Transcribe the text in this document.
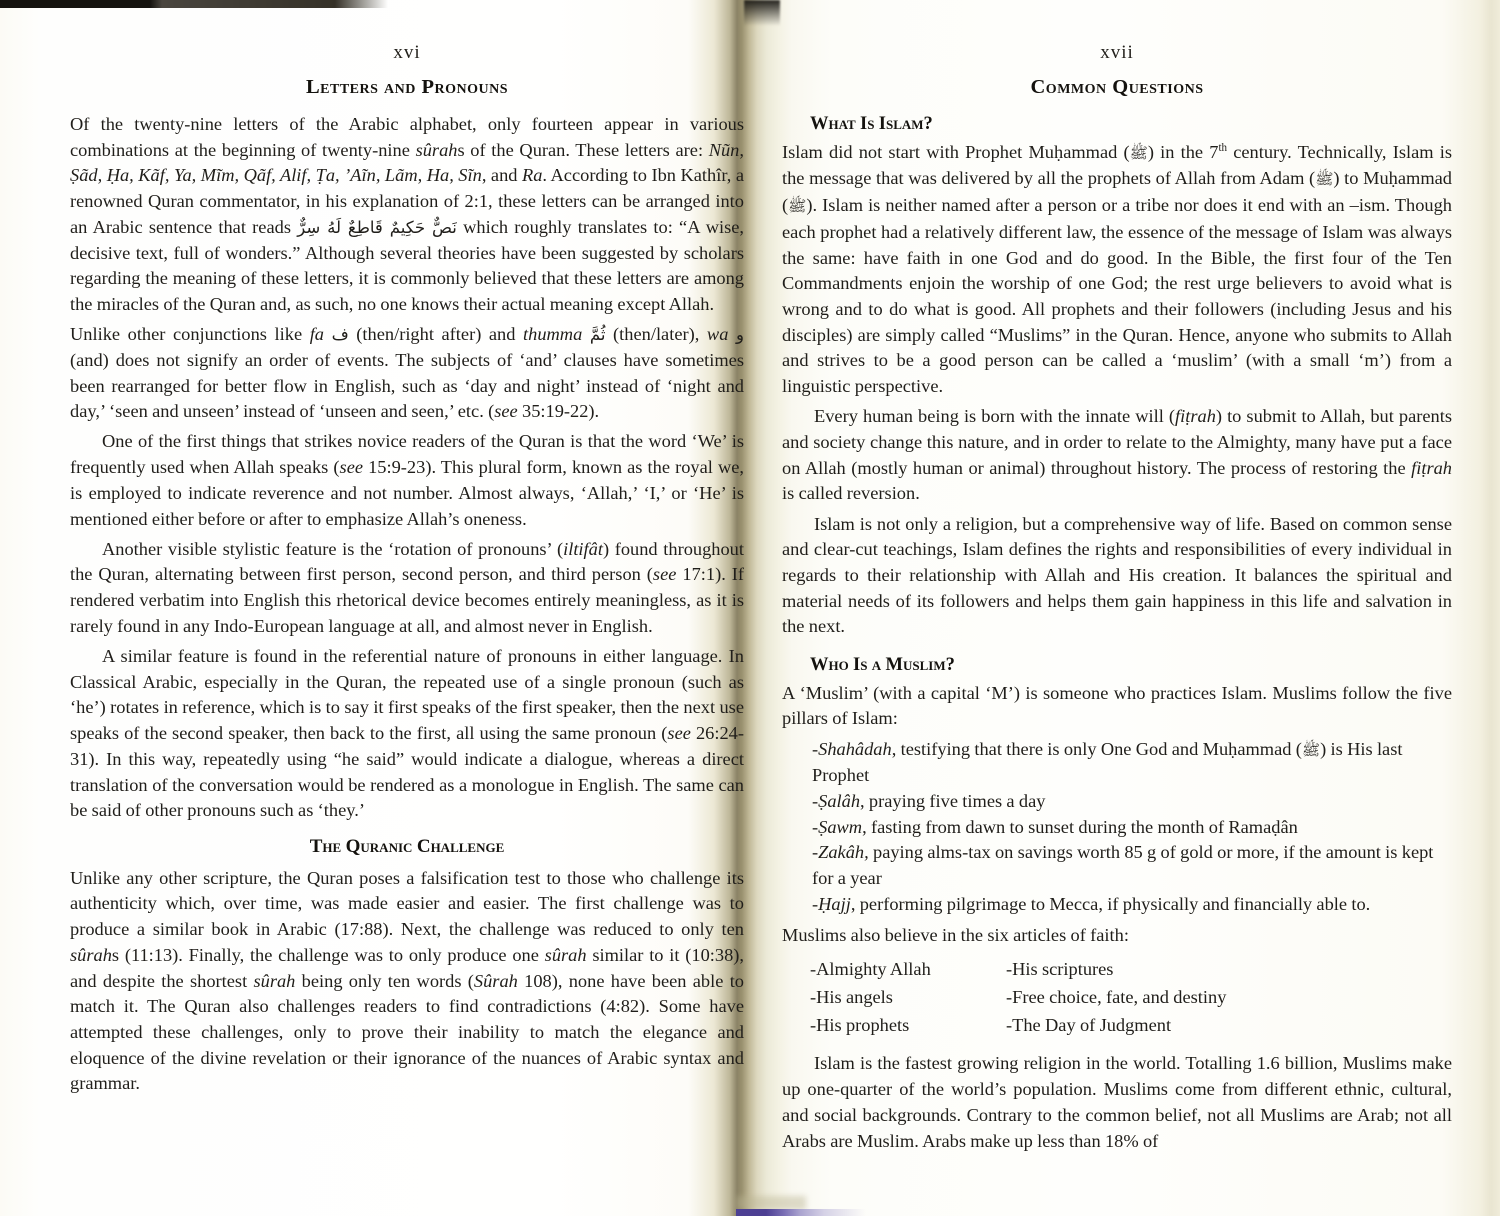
xvi
Letters and Pronouns

Of the twenty-nine letters of the Arabic alphabet, only fourteen appear in various combinations at the beginning of twenty-nine sûrahs of the Quran. These letters are: Nũn, Ṣãd, Ḥa, Kãf, Ya, Mĩm, Qãf, Alif, Ṭa, ’Aĩn, Lãm, Ha, Sĩn, and Ra. According to Ibn Kathîr, a renowned Quran commentator, in his explanation of 2:1, these letters can be arranged into an Arabic sentence that reads نَصٌّ حَكِيمٌ قَاطِعٌ لَهُ سِرٌّ which roughly translates to: “A wise, decisive text, full of wonders.” Although several theories have been suggested by scholars regarding the meaning of these letters, it is commonly believed that these letters are among the miracles of the Quran and, as such, no one knows their actual meaning except Allah.

Unlike other conjunctions like fa ف (then/right after) and thumma ثُمَّ (then/later), wa و (and) does not signify an order of events. The subjects of ‘and’ clauses have sometimes been rearranged for better flow in English, such as ‘day and night’ instead of ‘night and day,’ ‘seen and unseen’ instead of ‘unseen and seen,’ etc. (see 35:19-22).

One of the first things that strikes novice readers of the Quran is that the word ‘We’ is frequently used when Allah speaks (see 15:9-23). This plural form, known as the royal we, is employed to indicate reverence and not number. Almost always, ‘Allah,’ ‘I,’ or ‘He’ is mentioned either before or after to emphasize Allah’s oneness.

Another visible stylistic feature is the ‘rotation of pronouns’ (iltifât) found throughout the Quran, alternating between first person, second person, and third person (see 17:1). If rendered verbatim into English this rhetorical device becomes entirely meaningless, as it is rarely found in any Indo-European language at all, and almost never in English.

A similar feature is found in the referential nature of pronouns in either language. In Classical Arabic, especially in the Quran, the repeated use of a single pronoun (such as ‘he’) rotates in reference, which is to say it first speaks of the first speaker, then the next use speaks of the second speaker, then back to the first, all using the same pronoun (see 26:24-31). In this way, repeatedly using “he said” would indicate a dialogue, whereas a direct translation of the conversation would be rendered as a monologue in English. The same can be said of other pronouns such as ‘they.’

The Quranic Challenge

Unlike any other scripture, the Quran poses a falsification test to those who challenge its authenticity which, over time, was made easier and easier. The first challenge was to produce a similar book in Arabic (17:88). Next, the challenge was reduced to only ten sûrahs (11:13). Finally, the challenge was to only produce one sûrah similar to it (10:38), and despite the shortest sûrah being only ten words (Sûrah 108), none have been able to match it. The Quran also challenges readers to find contradictions (4:82). Some have attempted these challenges, only to prove their inability to match the elegance and eloquence of the divine revelation or their ignorance of the nuances of Arabic syntax and grammar.

xvii
Common Questions
What Is Islam?

Islam did not start with Prophet Muḥammad (ﷺ) in the 7th century. Technically, Islam is the message that was delivered by all the prophets of Allah from Adam (ﷺ) to Muḥammad (ﷺ). Islam is neither named after a person or a tribe nor does it end with an –ism. Though each prophet had a relatively different law, the essence of the message of Islam was always the same: have faith in one God and do good. In the Bible, the first four of the Ten Commandments enjoin the worship of one God; the rest urge believers to avoid what is wrong and to do what is good. All prophets and their followers (including Jesus and his disciples) are simply called “Muslims” in the Quran. Hence, anyone who submits to Allah and strives to be a good person can be called a ‘muslim’ (with a small ‘m’) from a linguistic perspective.

Every human being is born with the innate will (fiṭrah) to submit to Allah, but parents and society change this nature, and in order to relate to the Almighty, many have put a face on Allah (mostly human or animal) throughout history. The process of restoring the fiṭrah is called reversion.

Islam is not only a religion, but a comprehensive way of life. Based on common sense and clear-cut teachings, Islam defines the rights and responsibilities of every individual in regards to their relationship with Allah and His creation. It balances the spiritual and material needs of its followers and helps them gain happiness in this life and salvation in the next.

Who Is a Muslim?

A ‘Muslim’ (with a capital ‘M’) is someone who practices Islam. Muslims follow the five pillars of Islam:

-Shahâdah, testifying that there is only One God and Muḥammad (ﷺ) is His last Prophet
-Ṣalâh, praying five times a day
-Ṣawm, fasting from dawn to sunset during the month of Ramaḍân
-Zakâh, paying alms-tax on savings worth 85 g of gold or more, if the amount is kept for a year
-Ḥajj, performing pilgrimage to Mecca, if physically and financially able to.

Muslims also believe in the six articles of faith:

-Almighty Allah	-His scriptures
-His angels	-Free choice, fate, and destiny
-His prophets	-The Day of Judgment

Islam is the fastest growing religion in the world. Totalling 1.6 billion, Muslims make up one-quarter of the world’s population. Muslims come from different ethnic, cultural, and social backgrounds. Contrary to the common belief, not all Muslims are Arab; not all Arabs are Muslim. Arabs make up less than 18% of
